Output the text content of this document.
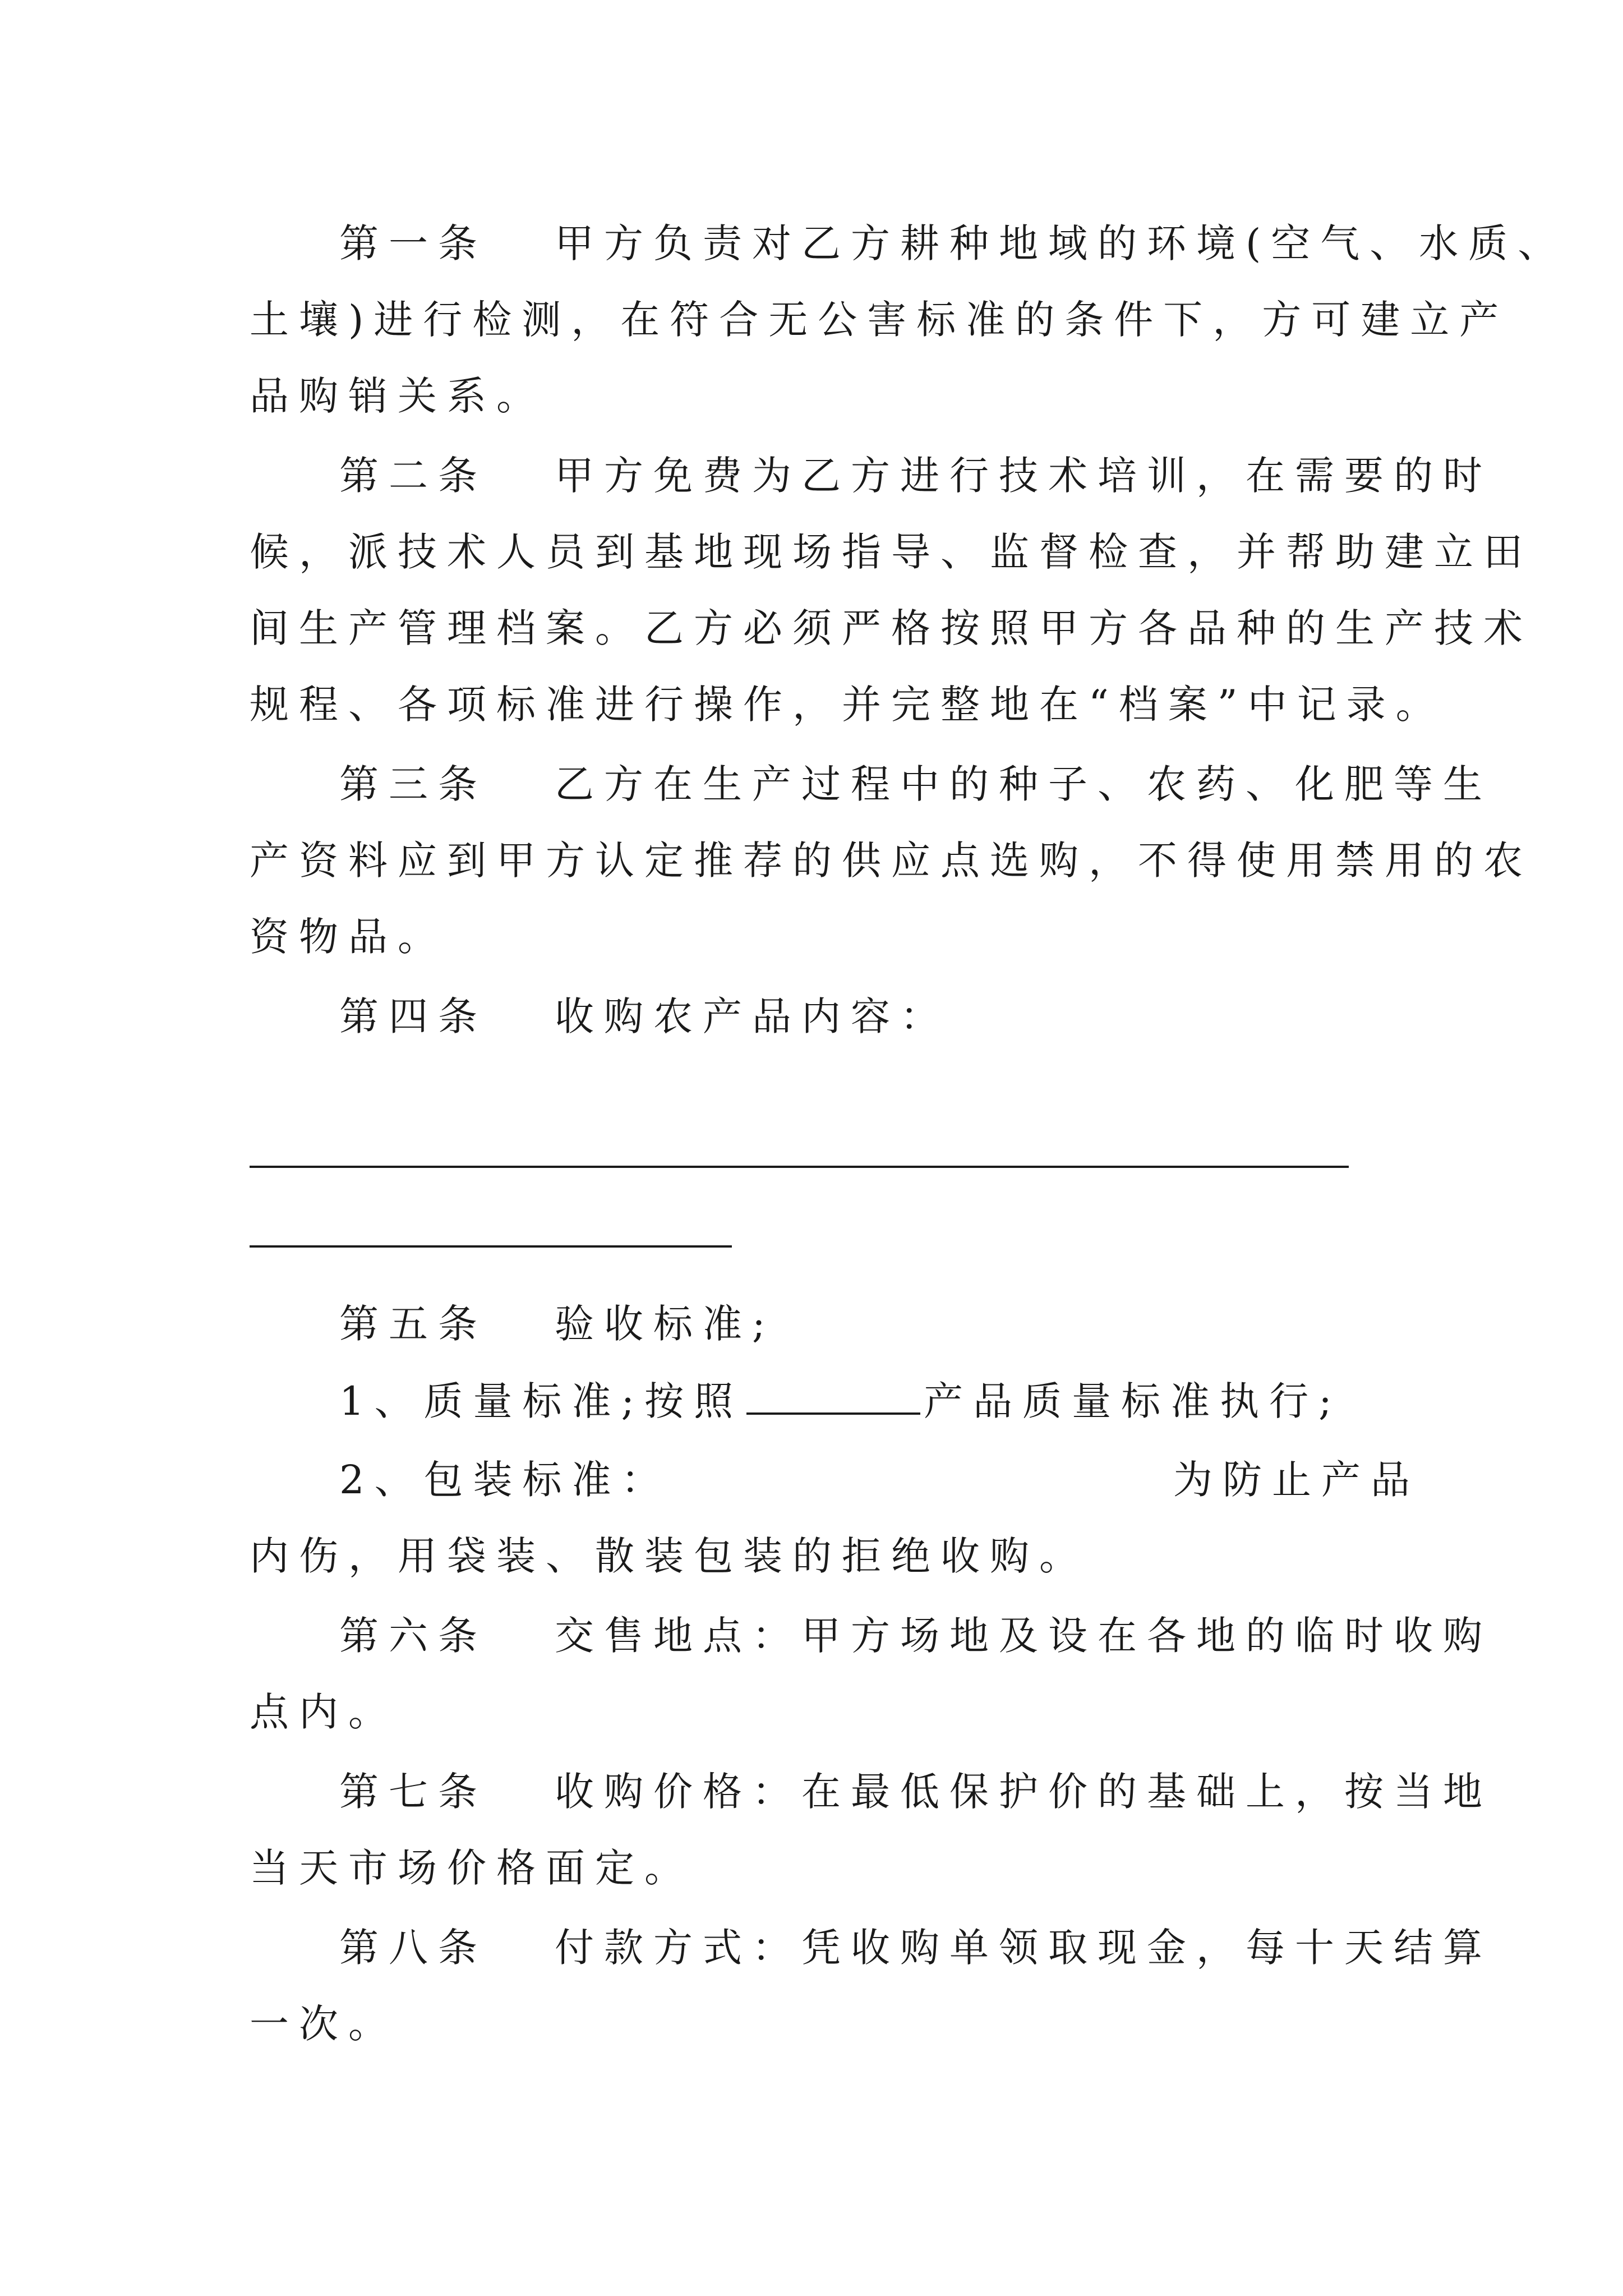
第一条 甲方负责对乙方耕种地域的环境(空气、水质、
土壤)进行检测，在符合无公害标准的条件下，方可建立产
品购销关系。
第二条 甲方免费为乙方进行技术培训，在需要的时
候，派技术人员到基地现场指导、监督检查，并帮助建立田
间生产管理档案。乙方必须严格按照甲方各品种的生产技术
规程、各项标准进行操作，并完整地在“档案”中记录。
第三条 乙方在生产过程中的种子、农药、化肥等生
产资料应到甲方认定推荐的供应点选购，不得使用禁用的农
资物品。
第四条 收购农产品内容：
第五条 验收标准;
1、质量标准;按照	产品质量标准执行;
2、包装标准：	为防止产品
内伤，用袋装、散装包装的拒绝收购。
第六条 交售地点：甲方场地及设在各地的临时收购
点内。
第七条 收购价格：在最低保护价的基础上，按当地
当天市场价格面定。
第八条 付款方式：凭收购单领取现金，每十天结算
一次。
